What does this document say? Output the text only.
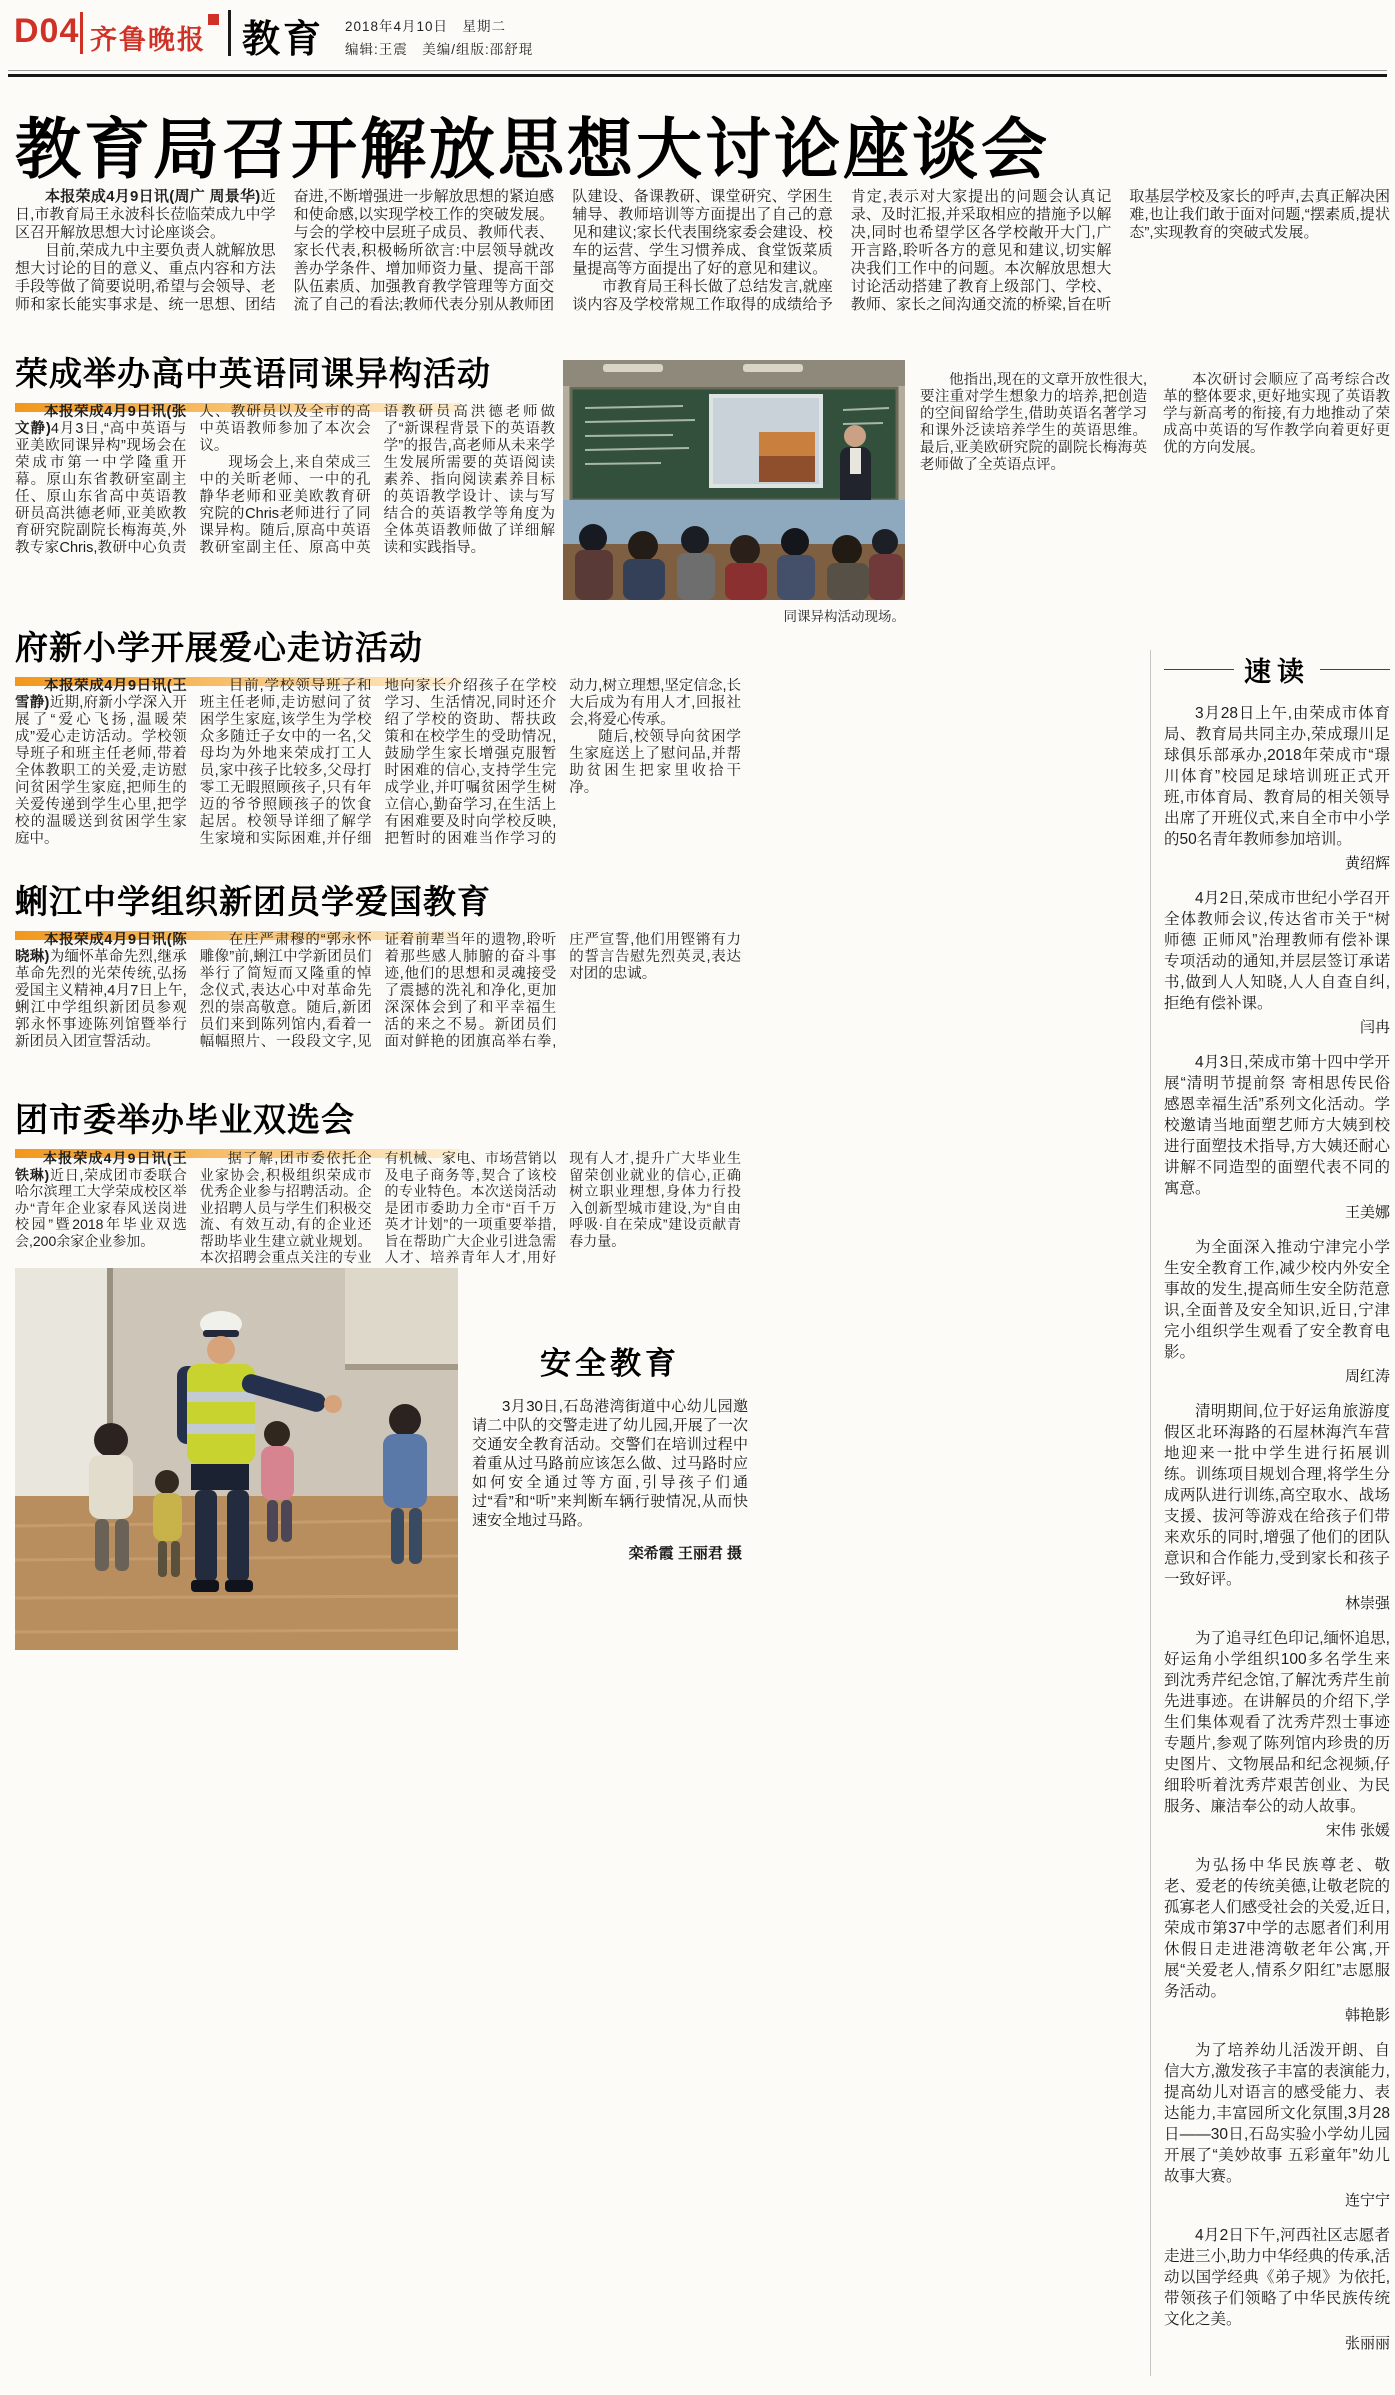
D04 齐鲁晚报 教育 2018年4月10日　星期二
编辑:王震　美编/组版:邵舒琨
教育局召开解放思想大讨论座谈会

本报荣成4月9日讯(周广 周景华)近日,市教育局王永波科长莅临荣成九中学区召开解放思想大讨论座谈会。

目前,荣成九中主要负责人就解放思想大讨论的目的意义、重点内容和方法手段等做了简要说明,希望与会领导、老师和家长能实事求是、统一思想、团结奋进,不断增强进一步解放思想的紧迫感和使命感,以实现学校工作的突破发展。与会的学校中层班子成员、教师代表、家长代表,积极畅所欲言:中层领导就改善办学条件、增加师资力量、提高干部队伍素质、加强教育教学管理等方面交流了自己的看法;教师代表分别从教师团队建设、备课教研、课堂研究、学困生辅导、教师培训等方面提出了自己的意见和建议;家长代表围绕家委会建设、校车的运营、学生习惯养成、食堂饭菜质量提高等方面提出了好的意见和建议。

市教育局王科长做了总结发言,就座谈内容及学校常规工作取得的成绩给予肯定,表示对大家提出的问题会认真记录、及时汇报,并采取相应的措施予以解决,同时也希望学区各学校敞开大门,广开言路,聆听各方的意见和建议,切实解决我们工作中的问题。本次解放思想大讨论活动搭建了教育上级部门、学校、教师、家长之间沟通交流的桥梁,旨在听取基层学校及家长的呼声,去真正解决困难,也让我们敢于面对问题,“摆素质,提状态”,实现教育的突破式发展。

荣成举办高中英语同课异构活动

本报荣成4月9日讯(张文静)4月3日,“高中英语与亚美欧同课异构”现场会在荣成市第一中学隆重开幕。原山东省教研室副主任、原山东省高中英语教研员高洪德老师,亚美欧教育研究院副院长梅海英,外教专家Chris,教研中心负责人、教研员以及全市的高中英语教师参加了本次会议。

现场会上,来自荣成三中的关昕老师、一中的孔静华老师和亚美欧教育研究院的Chris老师进行了同课异构。随后,原高中英语教研室副主任、原高中英语教研员高洪德老师做了“新课程背景下的英语教学”的报告,高老师从未来学生发展所需要的英语阅读素养、指向阅读素养目标的英语教学设计、读与写结合的英语教学等角度为全体英语教师做了详细解读和实践指导。

同课异构活动现场。

他指出,现在的文章开放性很大,要注重对学生想象力的培养,把创造的空间留给学生,借助英语名著学习和课外泛读培养学生的英语思维。最后,亚美欧研究院的副院长梅海英老师做了全英语点评。

本次研讨会顺应了高考综合改革的整体要求,更好地实现了英语教学与新高考的衔接,有力地推动了荣成高中英语的写作教学向着更好更优的方向发展。

府新小学开展爱心走访活动

本报荣成4月9日讯(王雪静)近期,府新小学深入开展了“爱心飞扬,温暖荣成”爱心走访活动。学校领导班子和班主任老师,带着全体教职工的关爱,走访慰问贫困学生家庭,把师生的关爱传递到学生心里,把学校的温暖送到贫困学生家庭中。

目前,学校领导班子和班主任老师,走访慰问了贫困学生家庭,该学生为学校众多随迁子女中的一名,父母均为外地来荣成打工人员,家中孩子比较多,父母打零工无暇照顾孩子,只有年迈的爷爷照顾孩子的饮食起居。校领导详细了解学生家境和实际困难,并仔细地向家长介绍孩子在学校学习、生活情况,同时还介绍了学校的资助、帮扶政策和在校学生的受助情况,鼓励学生家长增强克服暂时困难的信心,支持学生完成学业,并叮嘱贫困学生树立信心,勤奋学习,在生活上有困难要及时向学校反映,把暂时的困难当作学习的动力,树立理想,坚定信念,长大后成为有用人才,回报社会,将爱心传承。

随后,校领导向贫困学生家庭送上了慰问品,并帮助贫困生把家里收拾干净。

蜊江中学组织新团员学爱国教育

本报荣成4月9日讯(陈晓琳)为缅怀革命先烈,继承革命先烈的光荣传统,弘扬爱国主义精神,4月7日上午,蜊江中学组织新团员参观郭永怀事迹陈列馆暨举行新团员入团宣誓活动。

在庄严肃穆的“郭永怀雕像”前,蜊江中学新团员们举行了简短而又隆重的悼念仪式,表达心中对革命先烈的崇高敬意。随后,新团员们来到陈列馆内,看着一幅幅照片、一段段文字,见证着前辈当年的遗物,聆听着那些感人肺腑的奋斗事迹,他们的思想和灵魂接受了震撼的洗礼和净化,更加深深体会到了和平幸福生活的来之不易。新团员们面对鲜艳的团旗高举右拳,庄严宣誓,他们用铿锵有力的誓言告慰先烈英灵,表达对团的忠诚。

团市委举办毕业双选会

本报荣成4月9日讯(王铁琳)近日,荣成团市委联合哈尔滨理工大学荣成校区举办“青年企业家春风送岗进校园”暨2018年毕业双选会,200余家企业参加。

据了解,团市委依托企业家协会,积极组织荣成市优秀企业参与招聘活动。企业招聘人员与学生们积极交流、有效互动,有的企业还帮助毕业生建立就业规划。本次招聘会重点关注的专业有机械、家电、市场营销以及电子商务等,契合了该校的专业特色。本次送岗活动是团市委助力全市“百千万英才计划”的一项重要举措,旨在帮助广大企业引进急需人才、培养青年人才,用好现有人才,提升广大毕业生留荣创业就业的信心,正确树立职业理想,身体力行投入创新型城市建设,为“自由呼吸·自在荣成”建设贡献青春力量。

安全教育

3月30日,石岛港湾街道中心幼儿园邀请二中队的交警走进了幼儿园,开展了一次交通安全教育活动。交警们在培训过程中着重从过马路前应该怎么做、过马路时应如何安全通过等方面,引导孩子们通过“看”和“听”来判断车辆行驶情况,从而快速安全地过马路。

栾希霞 王丽君 摄
速读

3月28日上午,由荣成市体育局、教育局共同主办,荣成璟川足球俱乐部承办,2018年荣成市“璟川体育”校园足球培训班正式开班,市体育局、教育局的相关领导出席了开班仪式,来自全市中小学的50名青年教师参加培训。

黄绍辉

4月2日,荣成市世纪小学召开全体教师会议,传达省市关于“树师德 正师风”治理教师有偿补课专项活动的通知,并层层签订承诺书,做到人人知晓,人人自查自纠,拒绝有偿补课。

闫冉

4月3日,荣成市第十四中学开展“清明节提前祭 寄相思传民俗 感恩幸福生活”系列文化活动。学校邀请当地面塑艺师方大姨到校进行面塑技术指导,方大姨还耐心讲解不同造型的面塑代表不同的寓意。

王美娜

为全面深入推动宁津完小学生安全教育工作,减少校内外安全事故的发生,提高师生安全防范意识,全面普及安全知识,近日,宁津完小组织学生观看了安全教育电影。

周红涛

清明期间,位于好运角旅游度假区北环海路的石屋林海汽车营地迎来一批中学生进行拓展训练。训练项目规划合理,将学生分成两队进行训练,高空取水、战场支援、拔河等游戏在给孩子们带来欢乐的同时,增强了他们的团队意识和合作能力,受到家长和孩子一致好评。

林崇强

为了追寻红色印记,缅怀追思,好运角小学组织100多名学生来到沈秀芹纪念馆,了解沈秀芹生前先进事迹。在讲解员的介绍下,学生们集体观看了沈秀芹烈士事迹专题片,参观了陈列馆内珍贵的历史图片、文物展品和纪念视频,仔细聆听着沈秀芹艰苦创业、为民服务、廉洁奉公的动人故事。

宋伟 张媛

为弘扬中华民族尊老、敬老、爱老的传统美德,让敬老院的孤寡老人们感受社会的关爱,近日,荣成市第37中学的志愿者们利用休假日走进港湾敬老年公寓,开展“关爱老人,情系夕阳红”志愿服务活动。

韩艳影

为了培养幼儿活泼开朗、自信大方,激发孩子丰富的表演能力,提高幼儿对语言的感受能力、表达能力,丰富园所文化氛围,3月28日——30日,石岛实验小学幼儿园开展了“美妙故事 五彩童年”幼儿故事大赛。

连宁宁

4月2日下午,河西社区志愿者走进三小,助力中华经典的传承,活动以国学经典《弟子规》为依托,带领孩子们领略了中华民族传统文化之美。

张丽丽
